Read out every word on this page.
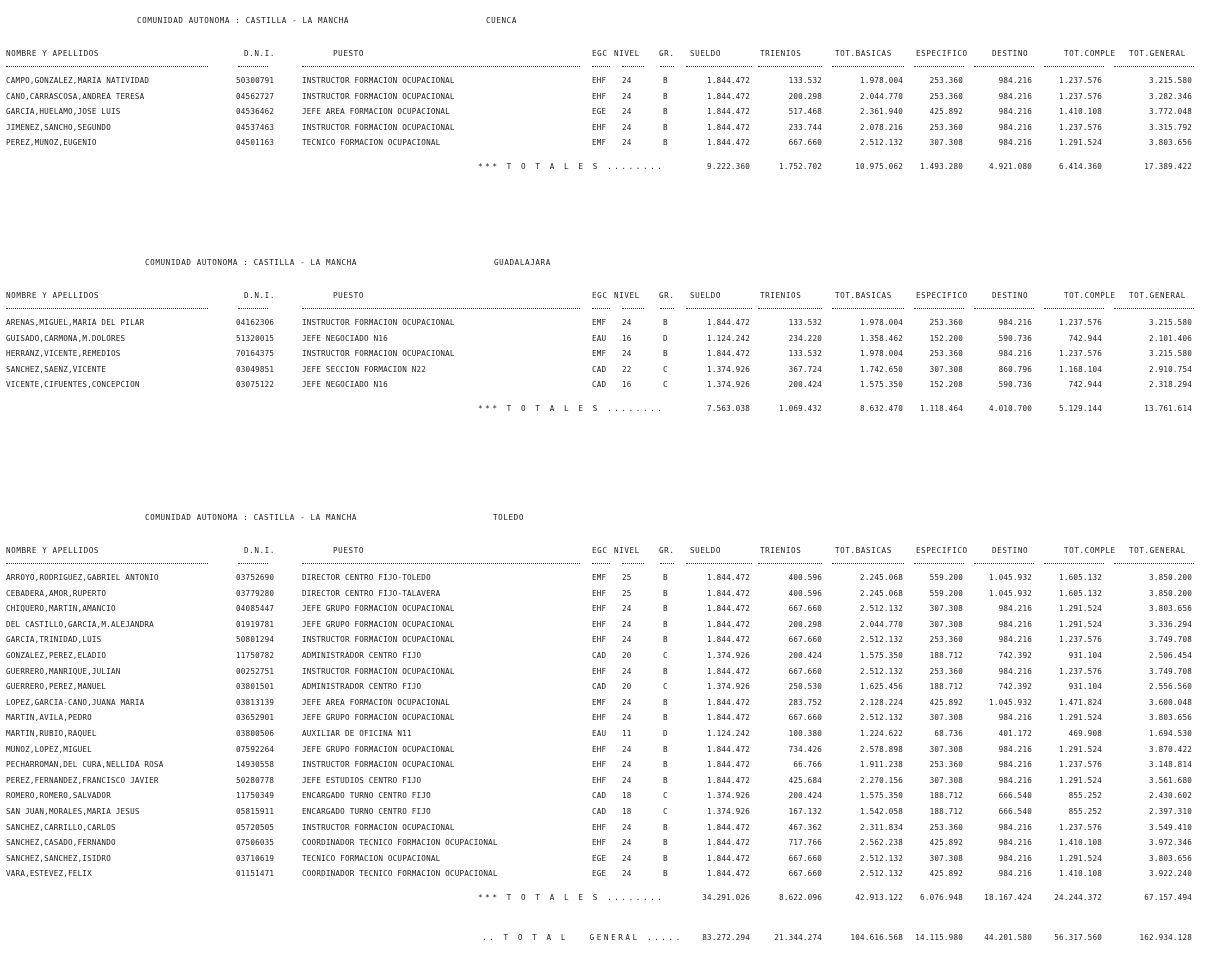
COMUNIDAD AUTONOMA : CASTILLA - LA MANCHA	CUENCA
NOMBRE Y APELLIDOS	D.N.I.	PUESTO	EGC NIVEL	GR. SUELDO	TRIENIOS	TOT.BASICAS	ESPECIFICO	DESTINO	TOT.COMPLE TOT.GENERAL
CAMPO,GONZALEZ,MARIA NATIVIDAD	50300791	INSTRUCTOR FORMACION OCUPACIONAL	EHF 24	B	1.844.472	133.532	1.978.004	253.360	984.216	1.237.576	3.215.580
CANO,CARRASCOSA,ANDREA TERESA	04562727	INSTRUCTOR FORMACION OCUPACIONAL	EHF 24	B	1.844.472	200.298	2.044.770	253.360	984.216	1.237.576	3.282.346
GARCIA,HUELAMO,JOSE LUIS	04536462	JEFE AREA FORMACION OCUPACIONAL	EGE 24	B	1.844.472	517.468	2.361.940	425.892	984.216	1.410.108	3.772.048
JIMENEZ,SANCHO,SEGUNDO	04537463	INSTRUCTOR FORMACION OCUPACIONAL	EHF 24	B	1.844.472	233.744	2.078.216	253.360	984.216	1.237.576	3.315.792
PEREZ,MUNOZ,EUGENIO	04501163	TECNICO FORMACION OCUPACIONAL	EMF 24	B	1.844.472	667.660	2.512.132	307.308	984.216	1.291.524	3.803.656
*** T O T A L E S ........	9.222.360	1.752.702	10.975.062	1.493.280	4.921.080	6.414.360	17.389.422
COMUNIDAD AUTONOMA : CASTILLA - LA MANCHA	GUADALAJARA
NOMBRE Y APELLIDOS	D.N.I.	PUESTO	EGC NIVEL	GR. SUELDO	TRIENIOS	TOT.BASICAS	ESPECIFICO	DESTINO	TOT.COMPLE TOT.GENERAL
ARENAS,MIGUEL,MARIA DEL PILAR	04162306	INSTRUCTOR FORMACION OCUPACIONAL	EMF 24	B	1.844.472	133.532	1.978.004	253.360	984.216	1.237.576	3.215.580
GUISADO,CARMONA,M.DOLORES	51320015	JEFE NEGOCIADO N16	EAU 16	D	1.124.242	234.220	1.358.462	152.200	590.736	742.944	2.101.406
HERRANZ,VICENTE,REMEDIOS	70164375	INSTRUCTOR FORMACION OCUPACIONAL	EMF 24	B	1.844.472	133.532	1.978.004	253.360	984.216	1.237.576	3.215.580
SANCHEZ,SAENZ,VICENTE	03049851	JEFE SECCION FORMACION N22	CAD 22	C	1.374.926	367.724	1.742.650	307.308	860.796	1.168.104	2.910.754
VICENTE,CIFUENTES,CONCEPCION	03075122	JEFE NEGOCIADO N16	CAD 16	C	1.374.926	200.424	1.575.350	152.208	590.736	742.944	2.318.294
*** T O T A L E S ........	7.563.038	1.069.432	8.632.470	1.118.464	4.010.700	5.129.144	13.761.614
COMUNIDAD AUTONOMA : CASTILLA - LA MANCHA	TOLEDO
NOMBRE Y APELLIDOS	D.N.I.	PUESTO	EGC NIVEL	GR. SUELDO	TRIENIOS	TOT.BASICAS	ESPECIFICO	DESTINO	TOT.COMPLE TOT.GENERAL
ARROYO,RODRIGUEZ,GABRIEL ANTONIO	03752690	DIRECTOR CENTRO FIJO-TOLEDO	EMF 25	B	1.844.472	400.596	2.245.068	559.200	1.045.932	1.605.132	3.850.200
CEBADERA,AMOR,RUPERTO	03779280	DIRECTOR CENTRO FIJO-TALAVERA	EHF 25	B	1.844.472	400.596	2.245.068	559.200	1.045.932	1.605.132	3.850.200
CHIQUERO,MARTIN,AMANCIO	04085447	JEFE GRUPO FORMACION OCUPACIONAL	EHF 24	B	1.844.472	667.660	2.512.132	307.308	984.216	1.291.524	3.803.656
DEL CASTILLO,GARCIA,M.ALEJANDRA	01919781	JEFE GRUPO FORMACION OCUPACIONAL	EHF 24	B	1.844.472	200.298	2.044.770	307.308	984.216	1.291.524	3.336.294
GARCIA,TRINIDAD,LUIS	50801294	INSTRUCTOR FORMACION OCUPACIONAL	EHF 24	B	1.844.472	667.660	2.512.132	253.360	984.216	1.237.576	3.749.708
GONZALEZ,PEREZ,ELADIO	11750782	ADMINISTRADOR CENTRO FIJO	CAD 20	C	1.374.926	200.424	1.575.350	188.712	742.392	931.104	2.506.454
GUERRERO,MANRIQUE,JULIAN	00252751	INSTRUCTOR FORMACION OCUPACIONAL	EHF 24	B	1.844.472	667.660	2.512.132	253.360	984.216	1.237.576	3.749.708
GUERRERO,PEREZ,MANUEL	03801501	ADMINISTRADOR CENTRO FIJO	CAD 20	C	1.374.926	250.530	1.625.456	188.712	742.392	931.104	2.556.560
LOPEZ,GARCIA-CANO,JUANA MARIA	03813139	JEFE AREA FORMACION OCUPACIONAL	EMF 24	B	1.844.472	283.752	2.128.224	425.892	1.045.932	1.471.824	3.600.048
MARTIN,AVILA,PEDRO	03652901	JEFE GRUPO FORMACION OCUPACIONAL	EHF 24	B	1.844.472	667.660	2.512.132	307.308	984.216	1.291.524	3.803.656
MARTIN,RUBIO,RAQUEL	03800506	AUXILIAR DE OFICINA N11	EAU 11	D	1.124.242	100.380	1.224.622	68.736	401.172	469.908	1.694.530
MUNOZ,LOPEZ,MIGUEL	07592264	JEFE GRUPO FORMACION OCUPACIONAL	EHF 24	B	1.844.472	734.426	2.578.898	307.308	984.216	1.291.524	3.870.422
PECHARROMAN,DEL CURA,NELLIDA ROSA	14930558	INSTRUCTOR FORMACION OCUPACIONAL	EHF 24	B	1.844.472	66.766	1.911.238	253.360	984.216	1.237.576	3.148.814
PEREZ,FERNANDEZ,FRANCISCO JAVIER	50280778	JEFE ESTUDIOS CENTRO FIJO	EHF 24	B	1.844.472	425.684	2.270.156	307.308	984.216	1.291.524	3.561.680
ROMERO,ROMERO,SALVADOR	11750349	ENCARGADO TURNO CENTRO FIJO	CAD 18	C	1.374.926	200.424	1.575.350	188.712	666.540	855.252	2.430.602
SAN JUAN,MORALES,MARIA JESUS	05815911	ENCARGADO TURNO CENTRO FIJO	CAD 18	C	1.374.926	167.132	1.542.058	188.712	666.540	855.252	2.397.310
SANCHEZ,CARRILLO,CARLOS	05720505	INSTRUCTOR FORMACION OCUPACIONAL	EHF 24	B	1.844.472	467.362	2.311.834	253.360	984.216	1.237.576	3.549.410
SANCHEZ,CASADO,FERNANDO	07506035	COORDINADOR TECNICO FORMACION OCUPACIONAL	EHF 24	B	1.844.472	717.766	2.562.238	425.892	984.216	1.410.108	3.972.346
SANCHEZ,SANCHEZ,ISIDRO	03710619	TECNICO FORMACION OCUPACIONAL	EGE 24	B	1.844.472	667.660	2.512.132	307.308	984.216	1.291.524	3.803.656
VARA,ESTEVEZ,FELIX	01151471	COORDINADOR TECNICO FORMACION OCUPACIONAL	EGE 24	B	1.844.472	667.660	2.512.132	425.892	984.216	1.410.108	3.922.240
*** T O T A L E S ........	34.291.026	8.622.096	42.913.122	6.076.948	18.167.424	24.244.372	67.157.494
.. T O T A L   GENERAL .....	83.272.294	21.344.274	104.616.568	14.115.980	44.201.580	56.317.560	162.934.128
